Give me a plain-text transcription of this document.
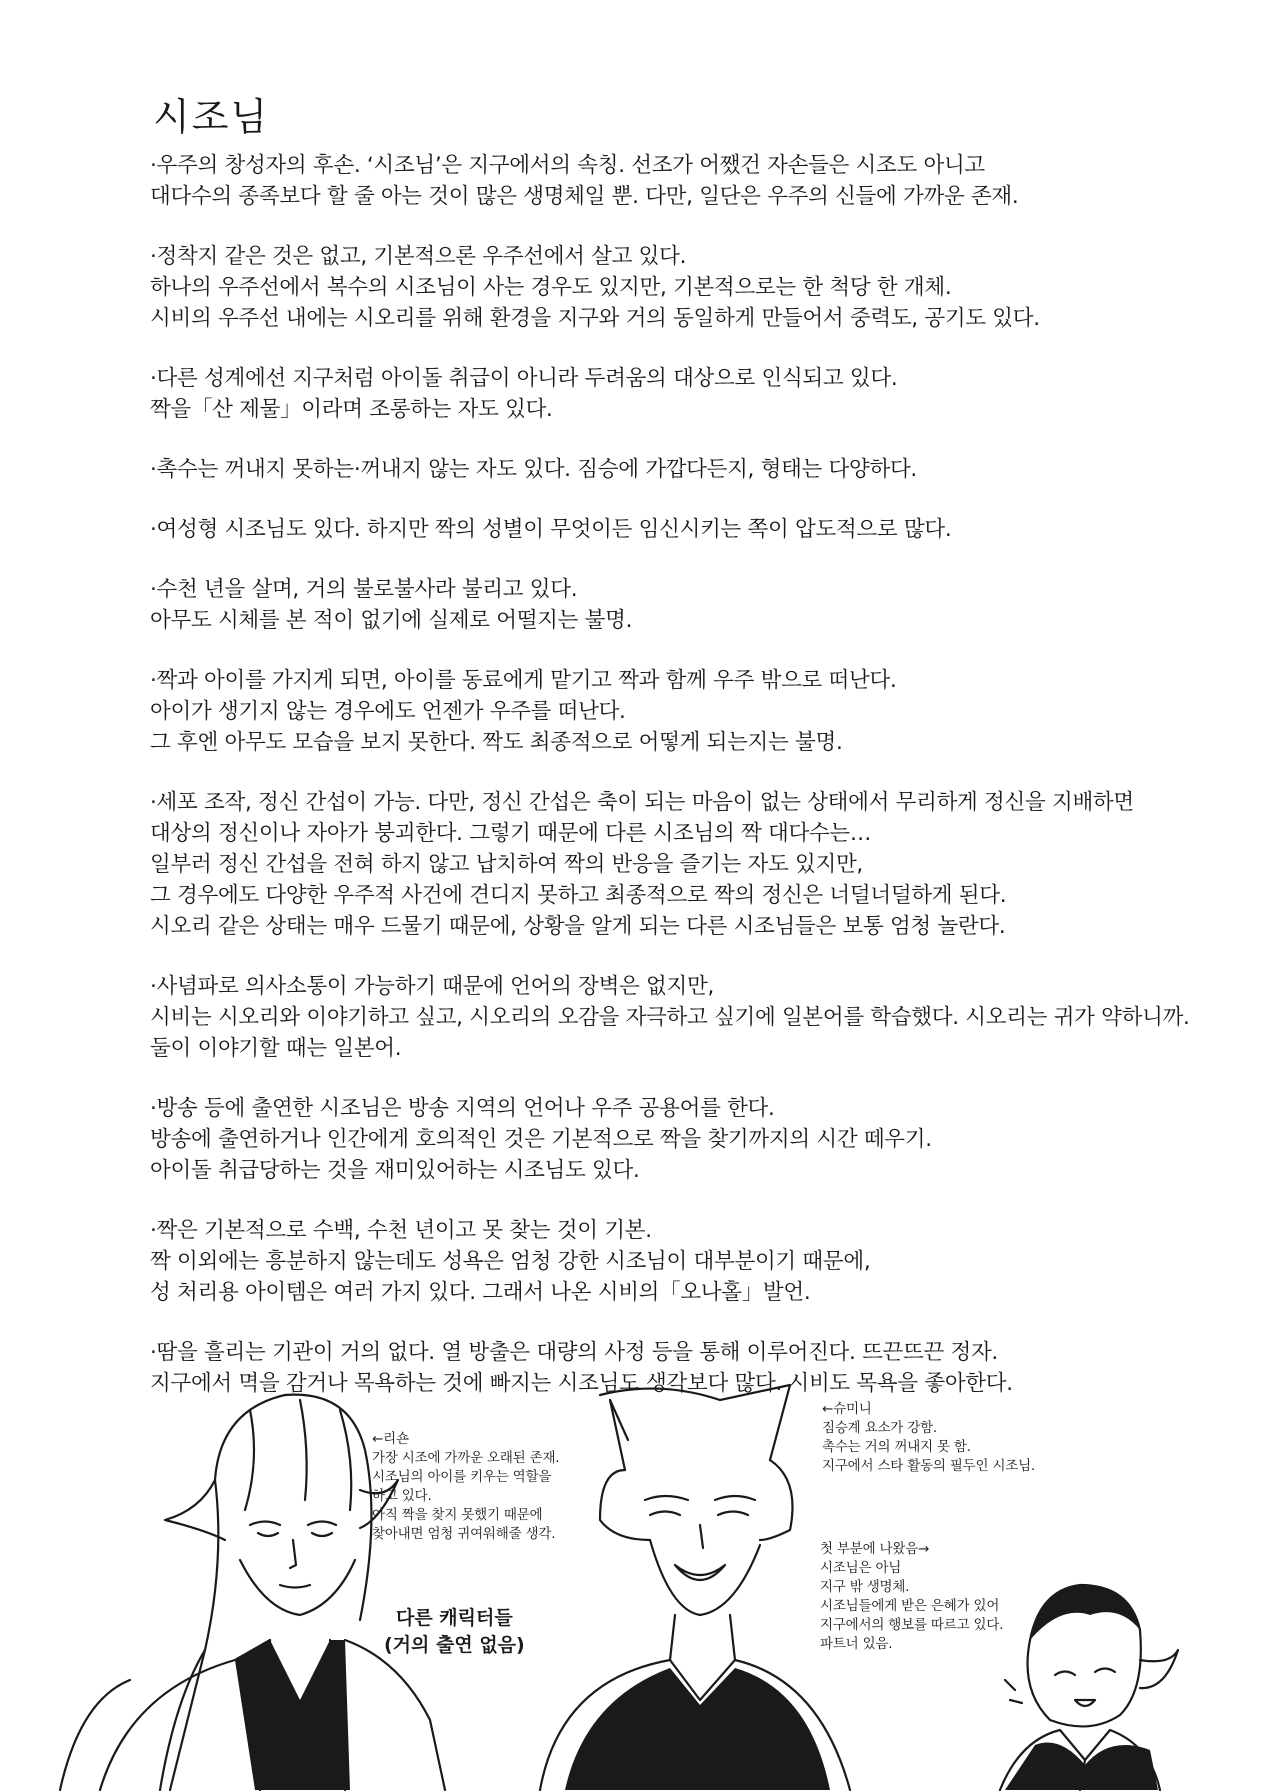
시조님
·우주의 창성자의 후손. ‘시조님’은 지구에서의 속칭. 선조가 어쨌건 자손들은 시조도 아니고
대다수의 종족보다 할 줄 아는 것이 많은 생명체일 뿐. 다만, 일단은 우주의 신들에 가까운 존재.
·정착지 같은 것은 없고, 기본적으론 우주선에서 살고 있다.
하나의 우주선에서 복수의 시조님이 사는 경우도 있지만, 기본적으로는 한 척당 한 개체.
시비의 우주선 내에는 시오리를 위해 환경을 지구와 거의 동일하게 만들어서 중력도, 공기도 있다.
·다른 성계에선 지구처럼 아이돌 취급이 아니라 두려움의 대상으로 인식되고 있다.
짝을「산 제물」이라며 조롱하는 자도 있다.
·촉수는 꺼내지 못하는·꺼내지 않는 자도 있다. 짐승에 가깝다든지, 형태는 다양하다.
·여성형 시조님도 있다. 하지만 짝의 성별이 무엇이든 임신시키는 쪽이 압도적으로 많다.
·수천 년을 살며, 거의 불로불사라 불리고 있다.
아무도 시체를 본 적이 없기에 실제로 어떨지는 불명.
·짝과 아이를 가지게 되면, 아이를 동료에게 맡기고 짝과 함께 우주 밖으로 떠난다.
아이가 생기지 않는 경우에도 언젠가 우주를 떠난다.
그 후엔 아무도 모습을 보지 못한다. 짝도 최종적으로 어떻게 되는지는 불명.
·세포 조작, 정신 간섭이 가능. 다만, 정신 간섭은 축이 되는 마음이 없는 상태에서 무리하게 정신을 지배하면
대상의 정신이나 자아가 붕괴한다. 그렇기 때문에 다른 시조님의 짝 대다수는…
일부러 정신 간섭을 전혀 하지 않고 납치하여 짝의 반응을 즐기는 자도 있지만,
그 경우에도 다양한 우주적 사건에 견디지 못하고 최종적으로 짝의 정신은 너덜너덜하게 된다.
시오리 같은 상태는 매우 드물기 때문에, 상황을 알게 되는 다른 시조님들은 보통 엄청 놀란다.
·사념파로 의사소통이 가능하기 때문에 언어의 장벽은 없지만,
시비는 시오리와 이야기하고 싶고, 시오리의 오감을 자극하고 싶기에 일본어를 학습했다. 시오리는 귀가 약하니까.
둘이 이야기할 때는 일본어.
·방송 등에 출연한 시조님은 방송 지역의 언어나 우주 공용어를 한다.
방송에 출연하거나 인간에게 호의적인 것은 기본적으로 짝을 찾기까지의 시간 떼우기.
아이돌 취급당하는 것을 재미있어하는 시조님도 있다.
·짝은 기본적으로 수백, 수천 년이고 못 찾는 것이 기본.
짝 이외에는 흥분하지 않는데도 성욕은 엄청 강한 시조님이 대부분이기 때문에,
성 처리용 아이템은 여러 가지 있다. 그래서 나온 시비의「오나홀」발언.
·땀을 흘리는 기관이 거의 없다. 열 방출은 대량의 사정 등을 통해 이루어진다. 뜨끈뜨끈 정자.
지구에서 멱을 감거나 목욕하는 것에 빠지는 시조님도 생각보다 많다. 시비도 목욕을 좋아한다.
←리숀
가장 시조에 가까운 오래된 존재.
시조님의 아이를 키우는 역할을
하고 있다.
아직 짝을 찾지 못했기 때문에
찾아내면 엄청 귀여워해줄 생각.
←슈미니
짐승계 요소가 강함.
촉수는 거의 꺼내지 못 함.
지구에서 스타 활동의 필두인 시조님.
첫 부분에 나왔음→
시조님은 아님
지구 밖 생명체.
시조님들에게 받은 은혜가 있어
지구에서의 행보를 따르고 있다.
파트너 있음.
다른 캐릭터들
(거의 출연 없음)
